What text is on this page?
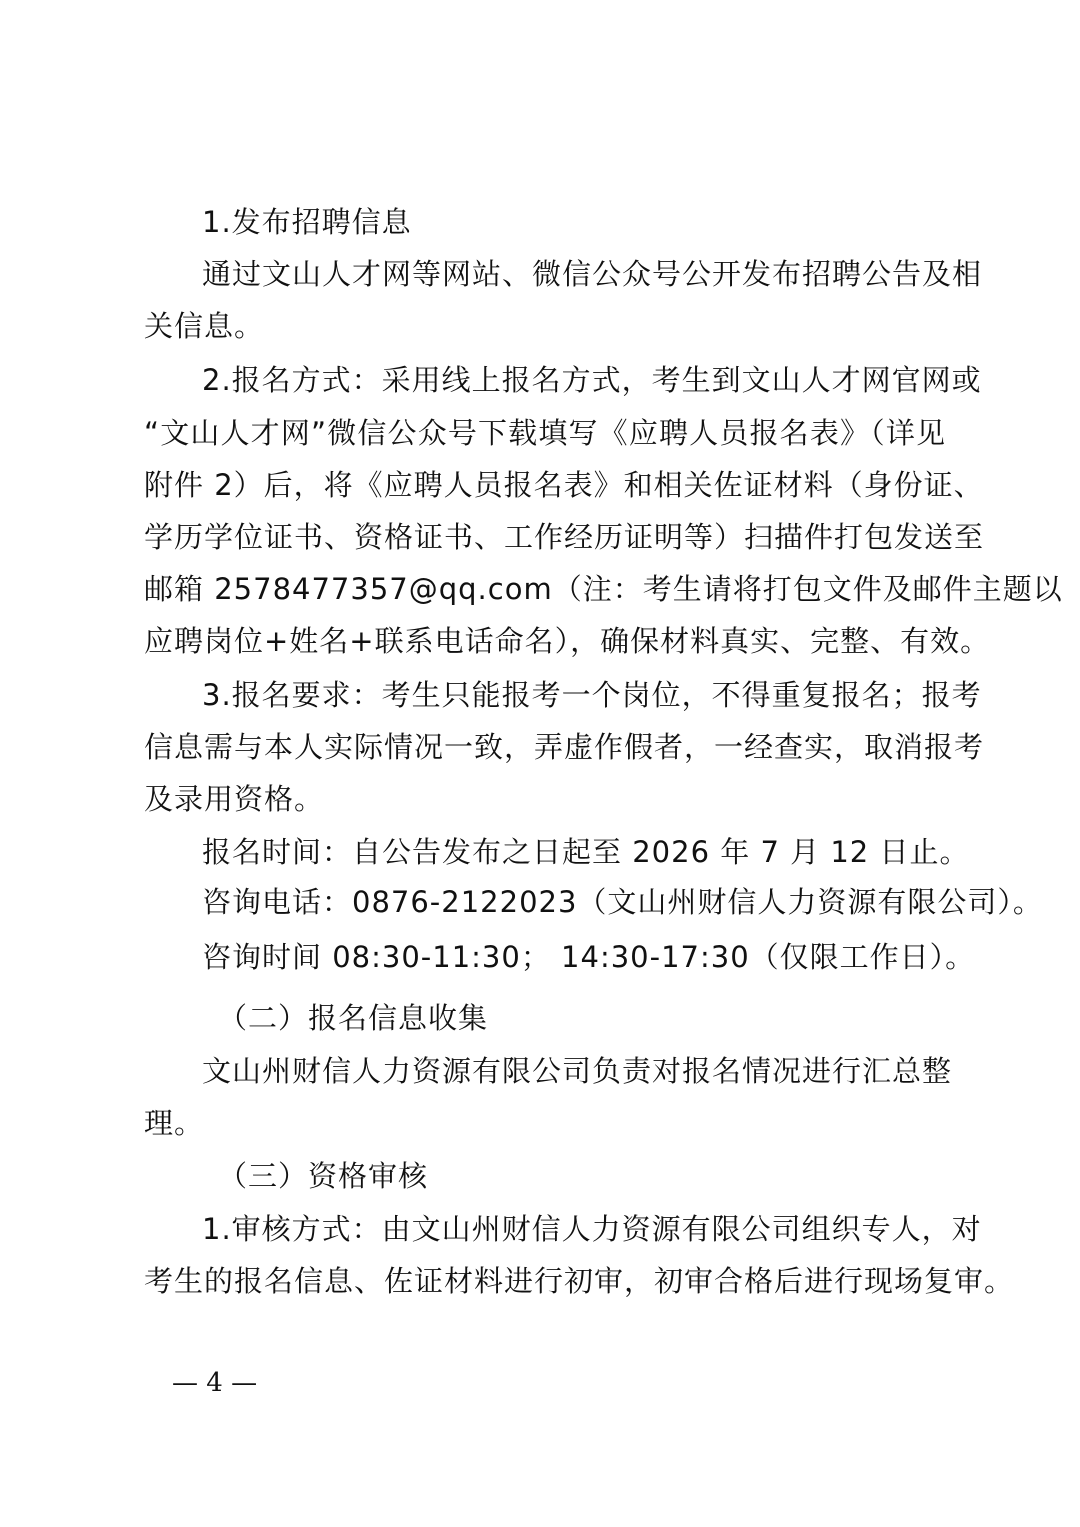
1.发布招聘信息
通过文山人才网等网站、微信公众号公开发布招聘公告及相
关信息。
2.报名方式：采用线上报名方式，考生到文山人才网官网或
“文山人才网”微信公众号下载填写《应聘人员报名表》（详见
附件 2）后，将《应聘人员报名表》和相关佐证材料（身份证、
学历学位证书、资格证书、工作经历证明等）扫描件打包发送至
邮箱 2578477357@qq.com（注：考生请将打包文件及邮件主题以
应聘岗位+姓名+联系电话命名），确保材料真实、完整、有效。
3.报名要求：考生只能报考一个岗位，不得重复报名；报考
信息需与本人实际情况一致，弄虚作假者，一经查实，取消报考
及录用资格。
报名时间：自公告发布之日起至 2026 年 7 月 12 日止。
咨询电话：0876-2122023（文山州财信人力资源有限公司）。
咨询时间 08:30-11:30； 14:30-17:30（仅限工作日）。
（二）报名信息收集
文山州财信人力资源有限公司负责对报名情况进行汇总整
理。
（三）资格审核
1.审核方式：由文山州财信人力资源有限公司组织专人，对
考生的报名信息、佐证材料进行初审，初审合格后进行现场复审。
— 4 —
